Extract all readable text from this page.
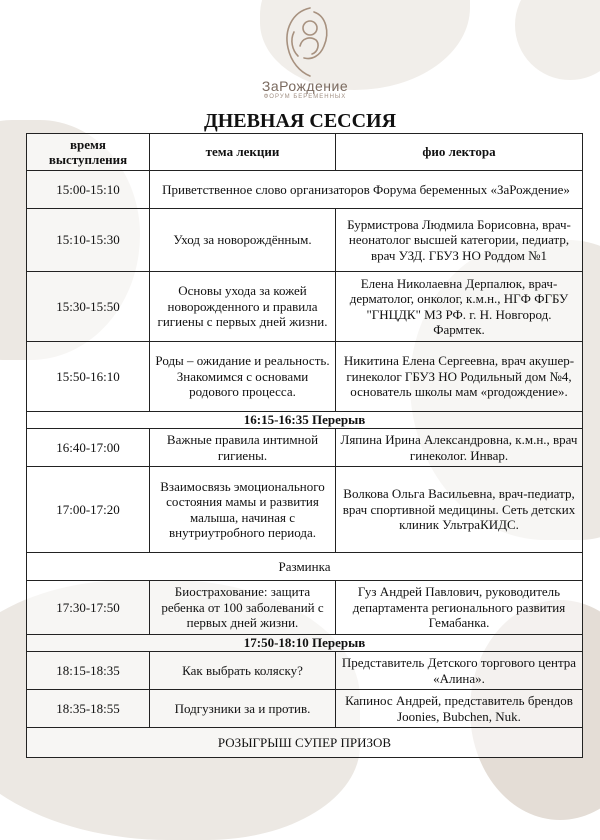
ЗаРождение
ФОРУМ БЕРЕМЕННЫХ
ДНЕВНАЯ СЕССИЯ
время выступления	тема лекции	фио лектора
15:00-15:10	Приветственное слово организаторов Форума беременных «ЗаРождение»	
15:10-15:30	Уход за новорождённым.	Бурмистрова Людмила Борисовна, врач-неонатолог высшей категории, педиатр, врач УЗД. ГБУЗ НО Роддом №1
15:30-15:50	Основы ухода за кожей новорожденного и правила гигиены с первых дней жизни.	Елена Николаевна Дерпалюк, врач-дерматолог, онколог, к.м.н., НГФ ФГБУ "ГНЦДК" МЗ РФ. г. Н. Новгород. Фармтек.
15:50-16:10	Роды – ожидание и реальность. Знакомимся с основами родового процесса.	Никитина Елена Сергеевна, врач акушер-гинеколог ГБУЗ НО Родильный дом №4, основатель школы мам «рrодождение».
16:15-16:35 Перерыв		
16:40-17:00	Важные правила интимной гигиены.	Ляпина Ирина Александровна, к.м.н., врач гинеколог. Инвар.
17:00-17:20	Взаимосвязь эмоционального состояния мамы и развития малыша, начиная с внутриутробного периода.	Волкова Ольга Васильевна, врач-педиатр, врач спортивной медицины. Сеть детских клиник УльтраКИДС.
Разминка		
17:30-17:50	Биострахование: защита ребенка от 100 заболеваний с первых дней жизни.	Гуз Андрей Павлович, руководитель департамента регионального развития Гемабанка.
17:50-18:10 Перерыв		
18:15-18:35	Как выбрать коляску?	Представитель Детского торгового центра «Алина».
18:35-18:55	Подгузники за и против.	Капинос Андрей, представитель брендов Joonies, Bubchen, Nuk.
РОЗЫГРЫШ СУПЕР ПРИЗОВ		
